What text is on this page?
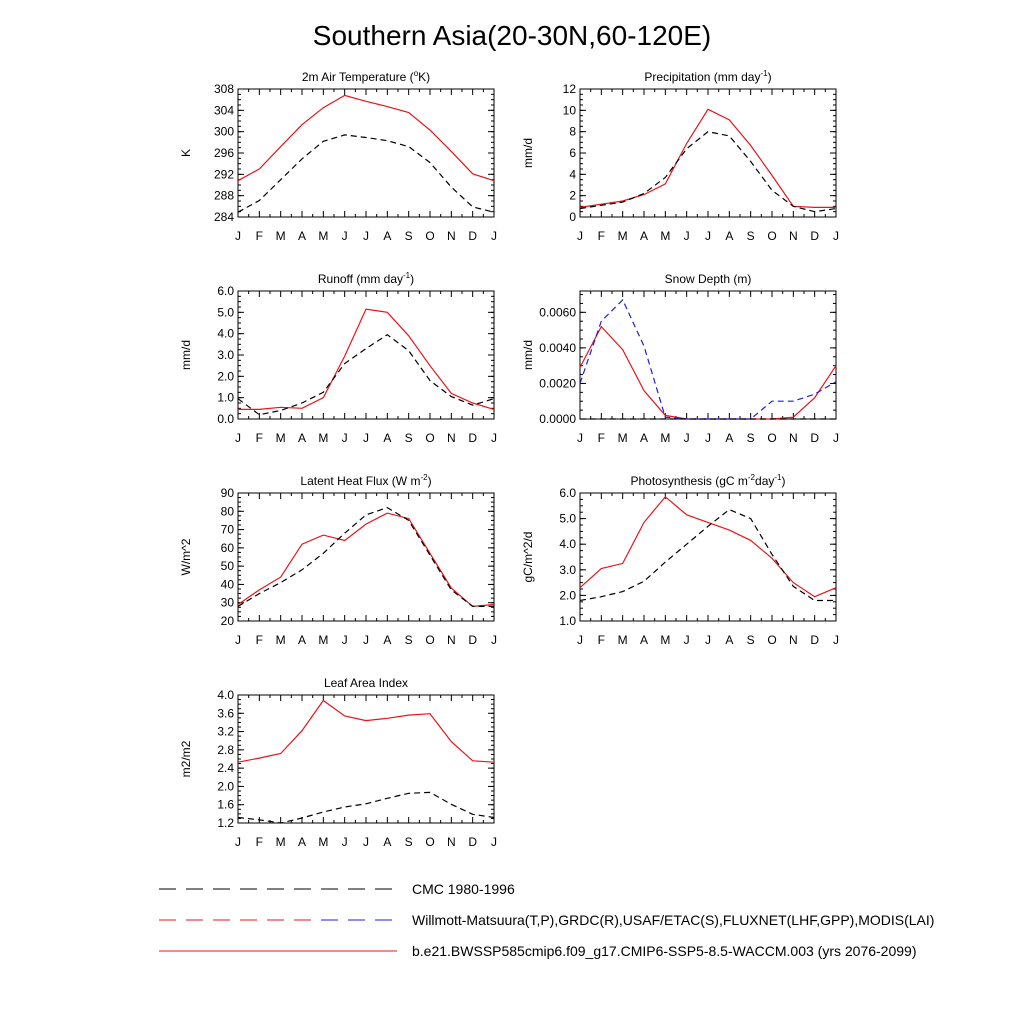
Southern Asia(20-30N,60-120E)
2m Air Temperature ($^o$K)
J F M A M J J A S O N D J
284
288
292
296
300
304
308
K
Precipitation (mm day$^{-1}$)
J F M A M J J A S O N D J
0
2
4
6
8
10
12
mm/d
Runoff (mm day$^{-1}$)
J F M A M J J A S O N D J
0.0
1.0
2.0
3.0
4.0
5.0
6.0
mm/d
Snow Depth (m)
J F M A M J J A S O N D J
0.0000
0.0020
0.0040
0.0060
mm/d
Latent Heat Flux (W $m^{-2}$)
J F M A M J J A S O N D J
20
30
40
50
60
70
80
90
W/m^2
Photosynthesis (gC $m^{-2}day^{-1}$)
J F M A M J J A S O N D J
1.0
2.0
3.0
4.0
5.0
6.0
gC/m^2/d
Leaf Area Index
J F M A M J J A S O N D J
1.2
1.6
2.0
2.4
2.8
3.2
3.6
4.0
m2/m2
CMC 1980-1996
Willmott-Matsuura(T,P),GRDC(R),USAF/ETAC(S),FLUXNET(LHF,GPP),MODIS(LAI)
b.e21.BWSSP585cmip6.f09_g17.CMIP6-SSP5-8.5-WACCM.003 (yrs 2076-2099)
